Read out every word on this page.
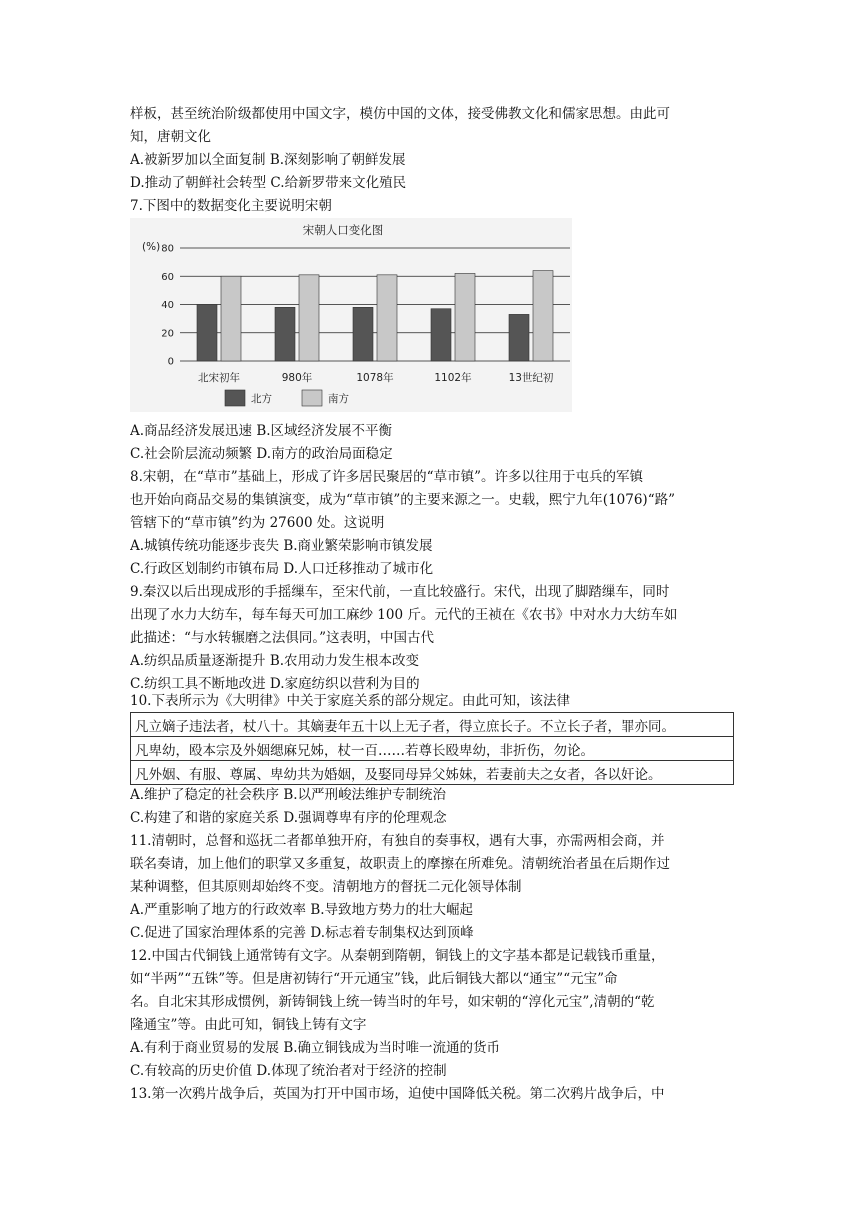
样板，甚至统治阶级都使用中国文字，模仿中国的文体，接受佛教文化和儒家思想。由此可
知，唐朝文化
A.被新罗加以全面复制 B.深刻影响了朝鲜发展
D.推动了朝鲜社会转型 C.给新罗带来文化殖民
7.下图中的数据变化主要说明宋朝
宋朝人口变化图
(%)
0
20
40
60
80
北宋初年	980年	1078年	1102年	13世纪初
北方	南方
A.商品经济发展迅速 B.区域经济发展不平衡
C.社会阶层流动频繁 D.南方的政治局面稳定
8.宋朝，在“草市”基础上，形成了许多居民聚居的“草市镇”。许多以往用于屯兵的军镇
也开始向商品交易的集镇演变，成为“草市镇”的主要来源之一。史载，熙宁九年(1076)“路”
管辖下的“草市镇”约为 27600 处。这说明
A.城镇传统功能逐步丧失 B.商业繁荣影响市镇发展
C.行政区划制约市镇布局 D.人口迁移推动了城市化
9.秦汉以后出现成形的手摇缫车，至宋代前，一直比较盛行。宋代，出现了脚踏缫车，同时
出现了水力大纺车，每车每天可加工麻纱 100 斤。元代的王祯在《农书》中对水力大纺车如
此描述：“与水转辗磨之法俱同。”这表明，中国古代
A.纺织品质量逐渐提升 B.农用动力发生根本改变
C.纺织工具不断地改进 D.家庭纺织以营利为目的
10.下表所示为《大明律》中关于家庭关系的部分规定。由此可知，该法律
凡立嫡子违法者，杖八十。其嫡妻年五十以上无子者，得立庶长子。不立长子者，罪亦同。
凡卑幼，殴本宗及外姻缌麻兄姊，杖一百……若尊长殴卑幼，非折伤，勿论。
凡外姻、有服、尊属、卑幼共为婚姻，及娶同母异父姊妹，若妻前夫之女者，各以奸论。
A.维护了稳定的社会秩序 B.以严刑峻法维护专制统治
C.构建了和谐的家庭关系 D.强调尊卑有序的伦理观念
11.清朝时，总督和巡抚二者都单独开府，有独自的奏事权，遇有大事，亦需两相会商，并
联名奏请，加上他们的职掌又多重复，故职责上的摩擦在所难免。清朝统治者虽在后期作过
某种调整，但其原则却始终不变。清朝地方的督抚二元化领导体制
A.严重影响了地方的行政效率 B.导致地方势力的壮大崛起
C.促进了国家治理体系的完善 D.标志着专制集权达到顶峰
12.中国古代铜钱上通常铸有文字。从秦朝到隋朝，铜钱上的文字基本都是记载钱币重量，
如“半两”“五铢”等。但是唐初铸行“开元通宝”钱，此后铜钱大都以“通宝”“元宝”命
名。自北宋其形成惯例，新铸铜钱上统一铸当时的年号，如宋朝的“淳化元宝”,清朝的“乾
隆通宝”等。由此可知，铜钱上铸有文字
A.有利于商业贸易的发展 B.确立铜钱成为当时唯一流通的货币
C.有较高的历史价值 D.体现了统治者对于经济的控制
13.第一次鸦片战争后，英国为打开中国市场，迫使中国降低关税。第二次鸦片战争后，中
